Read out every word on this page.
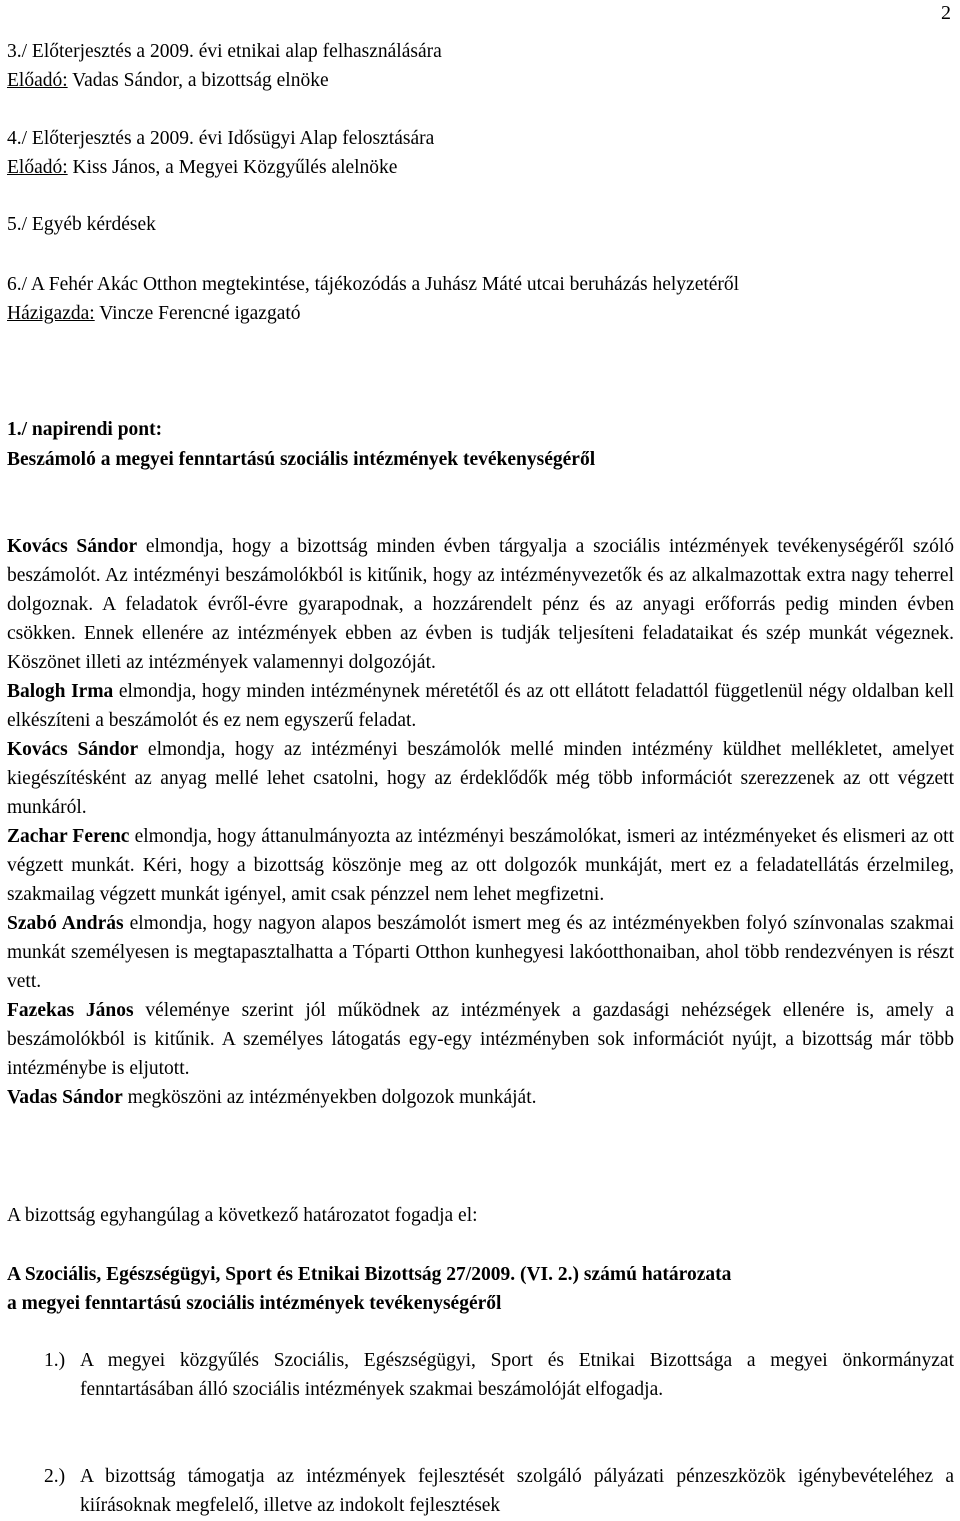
2
3./ Előterjesztés a 2009. évi etnikai alap felhasználására
Előadó: Vadas Sándor, a bizottság elnöke
4./ Előterjesztés a 2009. évi Idősügyi Alap felosztására
Előadó: Kiss János, a Megyei Közgyűlés alelnöke
5./ Egyéb kérdések
6./ A Fehér Akác Otthon megtekintése, tájékozódás a Juhász Máté utcai beruházás helyzetéről
Házigazda: Vincze Ferencné igazgató
1./ napirendi pont:
Beszámoló a megyei fenntartású szociális intézmények tevékenységéről

Kovács Sándor elmondja, hogy a bizottság minden évben tárgyalja a szociális intézmények tevékenységéről szóló beszámolót. Az intézményi beszámolókból is kitűnik, hogy az intézményvezetők és az alkalmazottak extra nagy teherrel dolgoznak. A feladatok évről-évre gyarapodnak, a hozzárendelt pénz és az anyagi erőforrás pedig minden évben csökken. Ennek ellenére az intézmények ebben az évben is tudják teljesíteni feladataikat és szép munkát végeznek. Köszönet illeti az intézmények valamennyi dolgozóját.

Balogh Irma elmondja, hogy minden intézménynek méretétől és az ott ellátott feladattól függetlenül négy oldalban kell elkészíteni a beszámolót és ez nem egyszerű feladat.

Kovács Sándor elmondja, hogy az intézményi beszámolók mellé minden intézmény küldhet mellékletet, amelyet kiegészítésként az anyag mellé lehet csatolni, hogy az érdeklődők még több információt szerezzenek az ott végzett munkáról.

Zachar Ferenc elmondja, hogy áttanulmányozta az intézményi beszámolókat, ismeri az intézményeket és elismeri az ott végzett munkát. Kéri, hogy a bizottság köszönje meg az ott dolgozók munkáját, mert ez a feladatellátás érzelmileg, szakmailag végzett munkát igényel, amit csak pénzzel nem lehet megfizetni.

Szabó András elmondja, hogy nagyon alapos beszámolót ismert meg és az intézményekben folyó színvonalas szakmai munkát személyesen is megtapasztalhatta a Tóparti Otthon kunhegyesi lakóotthonaiban, ahol több rendezvényen is részt vett.

Fazekas János véleménye szerint jól működnek az intézmények a gazdasági nehézségek ellenére is, amely a beszámolókból is kitűnik. A személyes látogatás egy-egy intézményben sok információt nyújt, a bizottság már több intézménybe is eljutott.

Vadas Sándor megköszöni az intézményekben dolgozok munkáját.

A bizottság egyhangúlag a következő határozatot fogadja el:
A Szociális, Egészségügyi, Sport és Etnikai Bizottság 27/2009. (VI. 2.) számú határozata
a megyei fenntartású szociális intézmények tevékenységéről
1.) A megyei közgyűlés Szociális, Egészségügyi, Sport és Etnikai Bizottsága a megyei önkormányzat fenntartásában álló szociális intézmények szakmai beszámolóját elfogadja.
2.) A bizottság támogatja az intézmények fejlesztését szolgáló pályázati pénzeszközök igénybevételéhez a kiírásoknak megfelelő, illetve az indokolt fejlesztések
